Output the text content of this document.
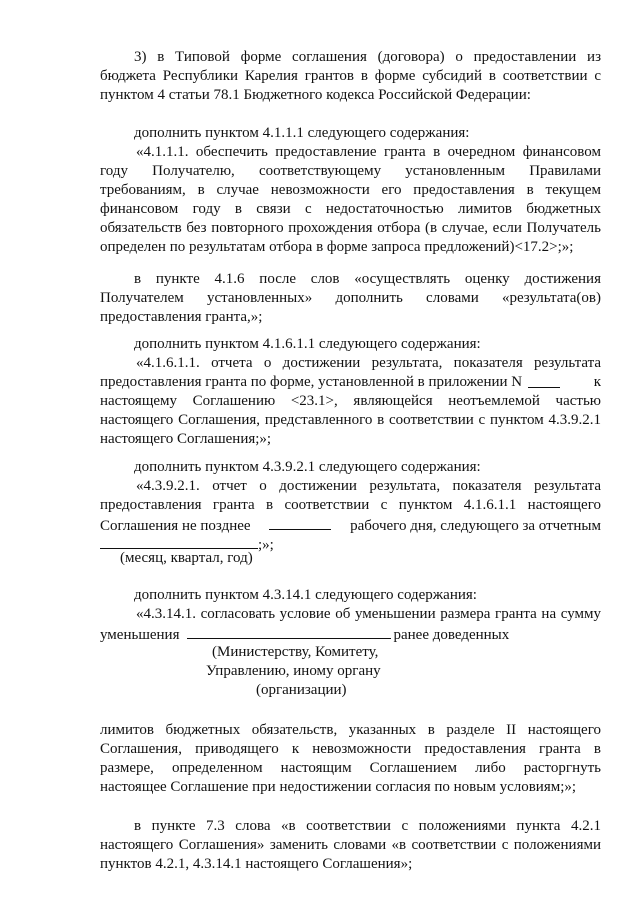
3) в Типовой форме соглашения (договора) о предоставлении из
бюджета Республики Карелия грантов в форме субсидий в соответствии с
пунктом 4 статьи 78.1 Бюджетного кодекса Российской Федерации:
дополнить пунктом 4.1.1.1 следующего содержания:
«4.1.1.1. обеспечить предоставление гранта в очередном финансовом
году Получателю, соответствующему установленным Правилами
требованиям, в случае невозможности его предоставления в текущем
финансовом году в связи с недостаточностью лимитов бюджетных
обязательств без повторного прохождения отбора (в случае, если Получатель
определен по результатам отбора в форме запроса предложений)<17.2>;»;
в пункте 4.1.6 после слов «осуществлять оценку достижения
Получателем установленных» дополнить словами «результата(ов)
предоставления гранта,»;
дополнить пунктом 4.1.6.1.1 следующего содержания:
«4.1.6.1.1. отчета о достижении результата, показателя результата
предоставления гранта по форме, установленной в приложении N	к
настоящему Соглашению <23.1>, являющейся неотъемлемой частью
настоящего Соглашения, представленного в соответствии с пунктом 4.3.9.2.1
настоящего Соглашения;»;
дополнить пунктом 4.3.9.2.1 следующего содержания:
«4.3.9.2.1. отчет о достижении результата, показателя результата
предоставления гранта в соответствии с пунктом 4.1.6.1.1 настоящего
Соглашения не позднее	рабочего дня, следующего за отчетным
;»;
(месяц, квартал, год)
дополнить пунктом 4.3.14.1 следующего содержания:
«4.3.14.1. согласовать условие об уменьшении размера гранта на сумму
уменьшения	ранее доведенных
(Министерству, Комитету,
Управлению, иному органу
(организации)
лимитов бюджетных обязательств, указанных в разделе II настоящего
Соглашения, приводящего к невозможности предоставления гранта в
размере, определенном настоящим Соглашением либо расторгнуть
настоящее Соглашение при недостижении согласия по новым условиям;»;
в пункте 7.3 слова «в соответствии с положениями пункта 4.2.1
настоящего Соглашения» заменить словами «в соответствии с положениями
пунктов 4.2.1, 4.3.14.1 настоящего Соглашения»;
